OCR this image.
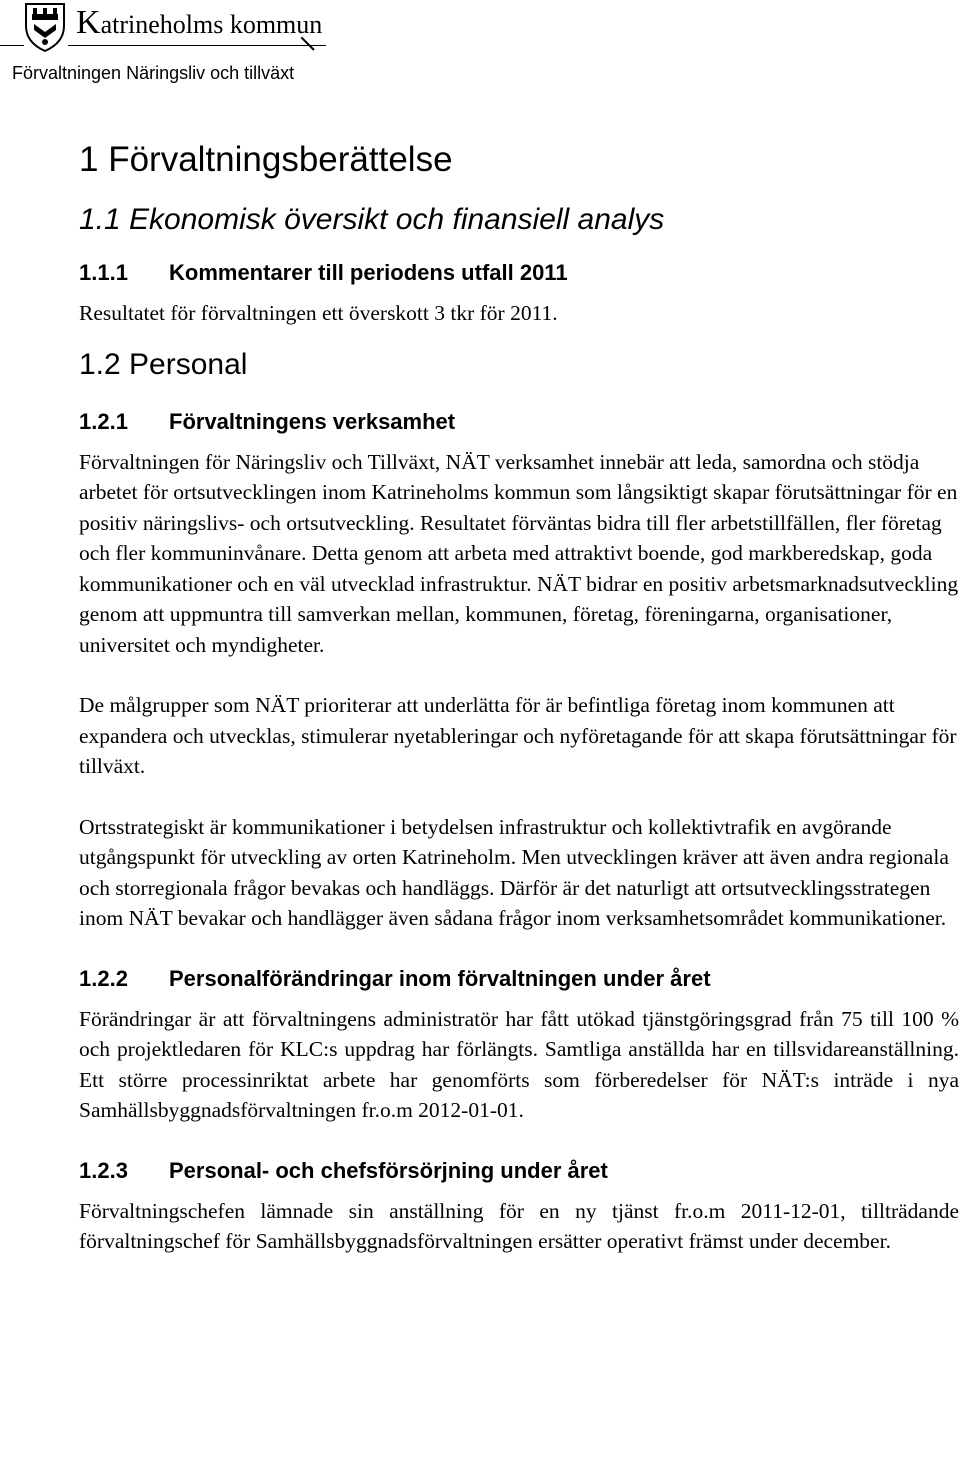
Katrineholms kommun
Förvaltningen Näringsliv och tillväxt
1 Förvaltningsberättelse
1.1 Ekonomisk översikt och finansiell analys
1.1.1	Kommentarer till periodens utfall 2011

Resultatet för förvaltningen ett överskott 3 tkr för 2011.

1.2 Personal
1.2.1	Förvaltningens verksamhet

Förvaltningen för Näringsliv och Tillväxt, NÄT verksamhet innebär att leda, samordna och stödja arbetet för ortsutvecklingen inom Katrineholms kommun som långsiktigt skapar förutsättningar för en positiv näringslivs- och ortsutveckling. Resultatet förväntas bidra till fler arbetstillfällen, fler företag och fler kommuninvånare. Detta genom att arbeta med attraktivt boende, god markberedskap, goda kommunikationer och en väl utvecklad infrastruktur. NÄT bidrar en positiv arbetsmarknadsutveckling genom att uppmuntra till samverkan mellan, kommunen, företag, föreningarna, organisationer, universitet och myndigheter.

De målgrupper som NÄT prioriterar att underlätta för är befintliga företag inom kommunen att expandera och utvecklas, stimulerar nyetableringar och nyföretagande för att skapa förutsättningar för tillväxt.

Ortsstrategiskt är kommunikationer i betydelsen infrastruktur och kollektivtrafik en avgörande utgångspunkt för utveckling av orten Katrineholm. Men utvecklingen kräver att även andra regionala och storregionala frågor bevakas och handläggs. Därför är det naturligt att ortsutvecklingsstrategen inom NÄT bevakar och handlägger även sådana frågor inom verksamhetsområdet kommunikationer.

1.2.2	Personalförändringar inom förvaltningen under året

Förändringar är att förvaltningens administratör har fått utökad tjänstgöringsgrad från 75 till 100 % och projektledaren för KLC:s uppdrag har förlängts. Samtliga anställda har en tillsvidareanställning. Ett större processinriktat arbete har genomförts som förberedelser för NÄT:s inträde i nya Samhällsbyggnadsförvaltningen fr.o.m 2012-01-01.

1.2.3	Personal- och chefsförsörjning under året

Förvaltningschefen lämnade sin anställning för en ny tjänst fr.o.m 2011-12-01, tillträdande förvaltningschef för Samhällsbyggnadsförvaltningen ersätter operativt främst under december.
